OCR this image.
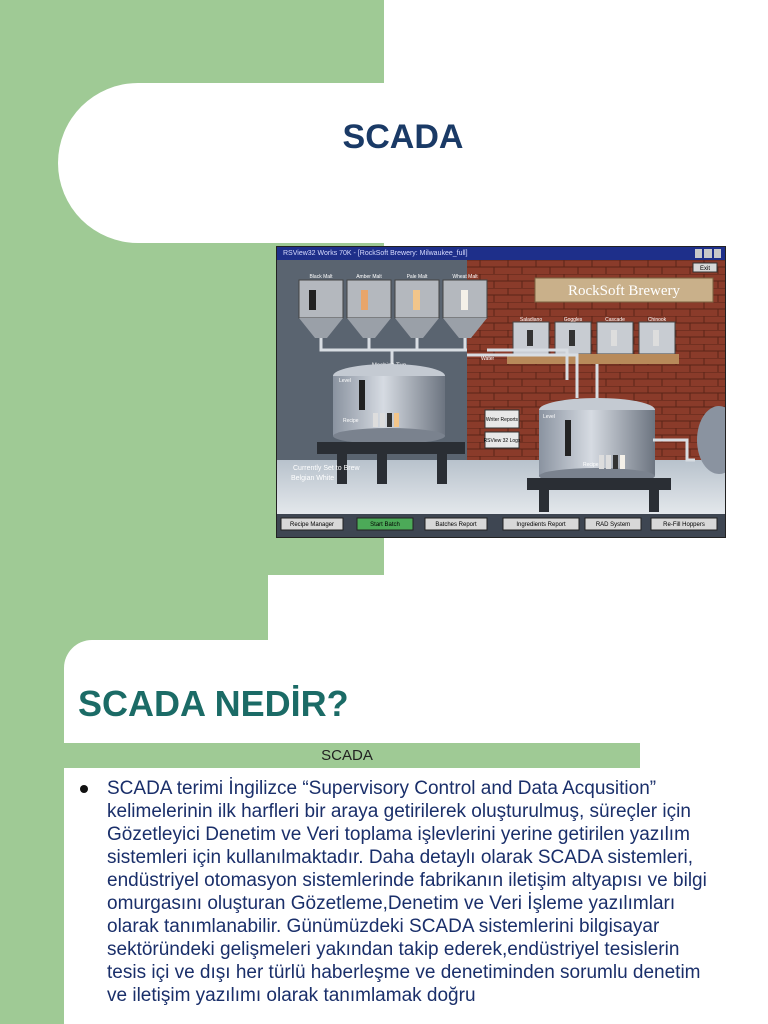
SCADA
RSView32 Works 70K - [RockSoft Brewery: Milwaukee_full]
RockSoft Brewery
Exit
Black Malt	Amber Malt	Pale Malt	Wheat Malt
Saladiano	Goggles	Cascade	Chinook
Water
Level
Recipe	Writer Reports
RSView 32 Logs
Level
Recipe
Currently Set to Brew
Belgian White
Recipe Manager	Start Batch	Batches Report	Ingredients Report	RAD System	Re-Fill Hoppers
SCADA NEDİR?
SCADA
SCADA terimi İngilizce “Supervisory Control and Data Acqusition” kelimelerinin ilk harfleri bir araya getirilerek oluşturulmuş, süreçler için Gözetleyici Denetim ve Veri toplama işlevlerini yerine getirilen yazılım sistemleri için kullanılmaktadır. Daha detaylı olarak SCADA sistemleri, endüstriyel otomasyon sistemlerinde fabrikanın iletişim altyapısı ve bilgi omurgasını oluşturan Gözetleme,Denetim ve Veri İşleme yazılımları olarak tanımlanabilir. Günümüzdeki SCADA sistemlerini bilgisayar sektöründeki gelişmeleri yakından takip ederek,endüstriyel tesislerin tesis içi ve dışı her türlü haberleşme ve denetiminden sorumlu denetim ve iletişim yazılımı olarak tanımlamak doğru
